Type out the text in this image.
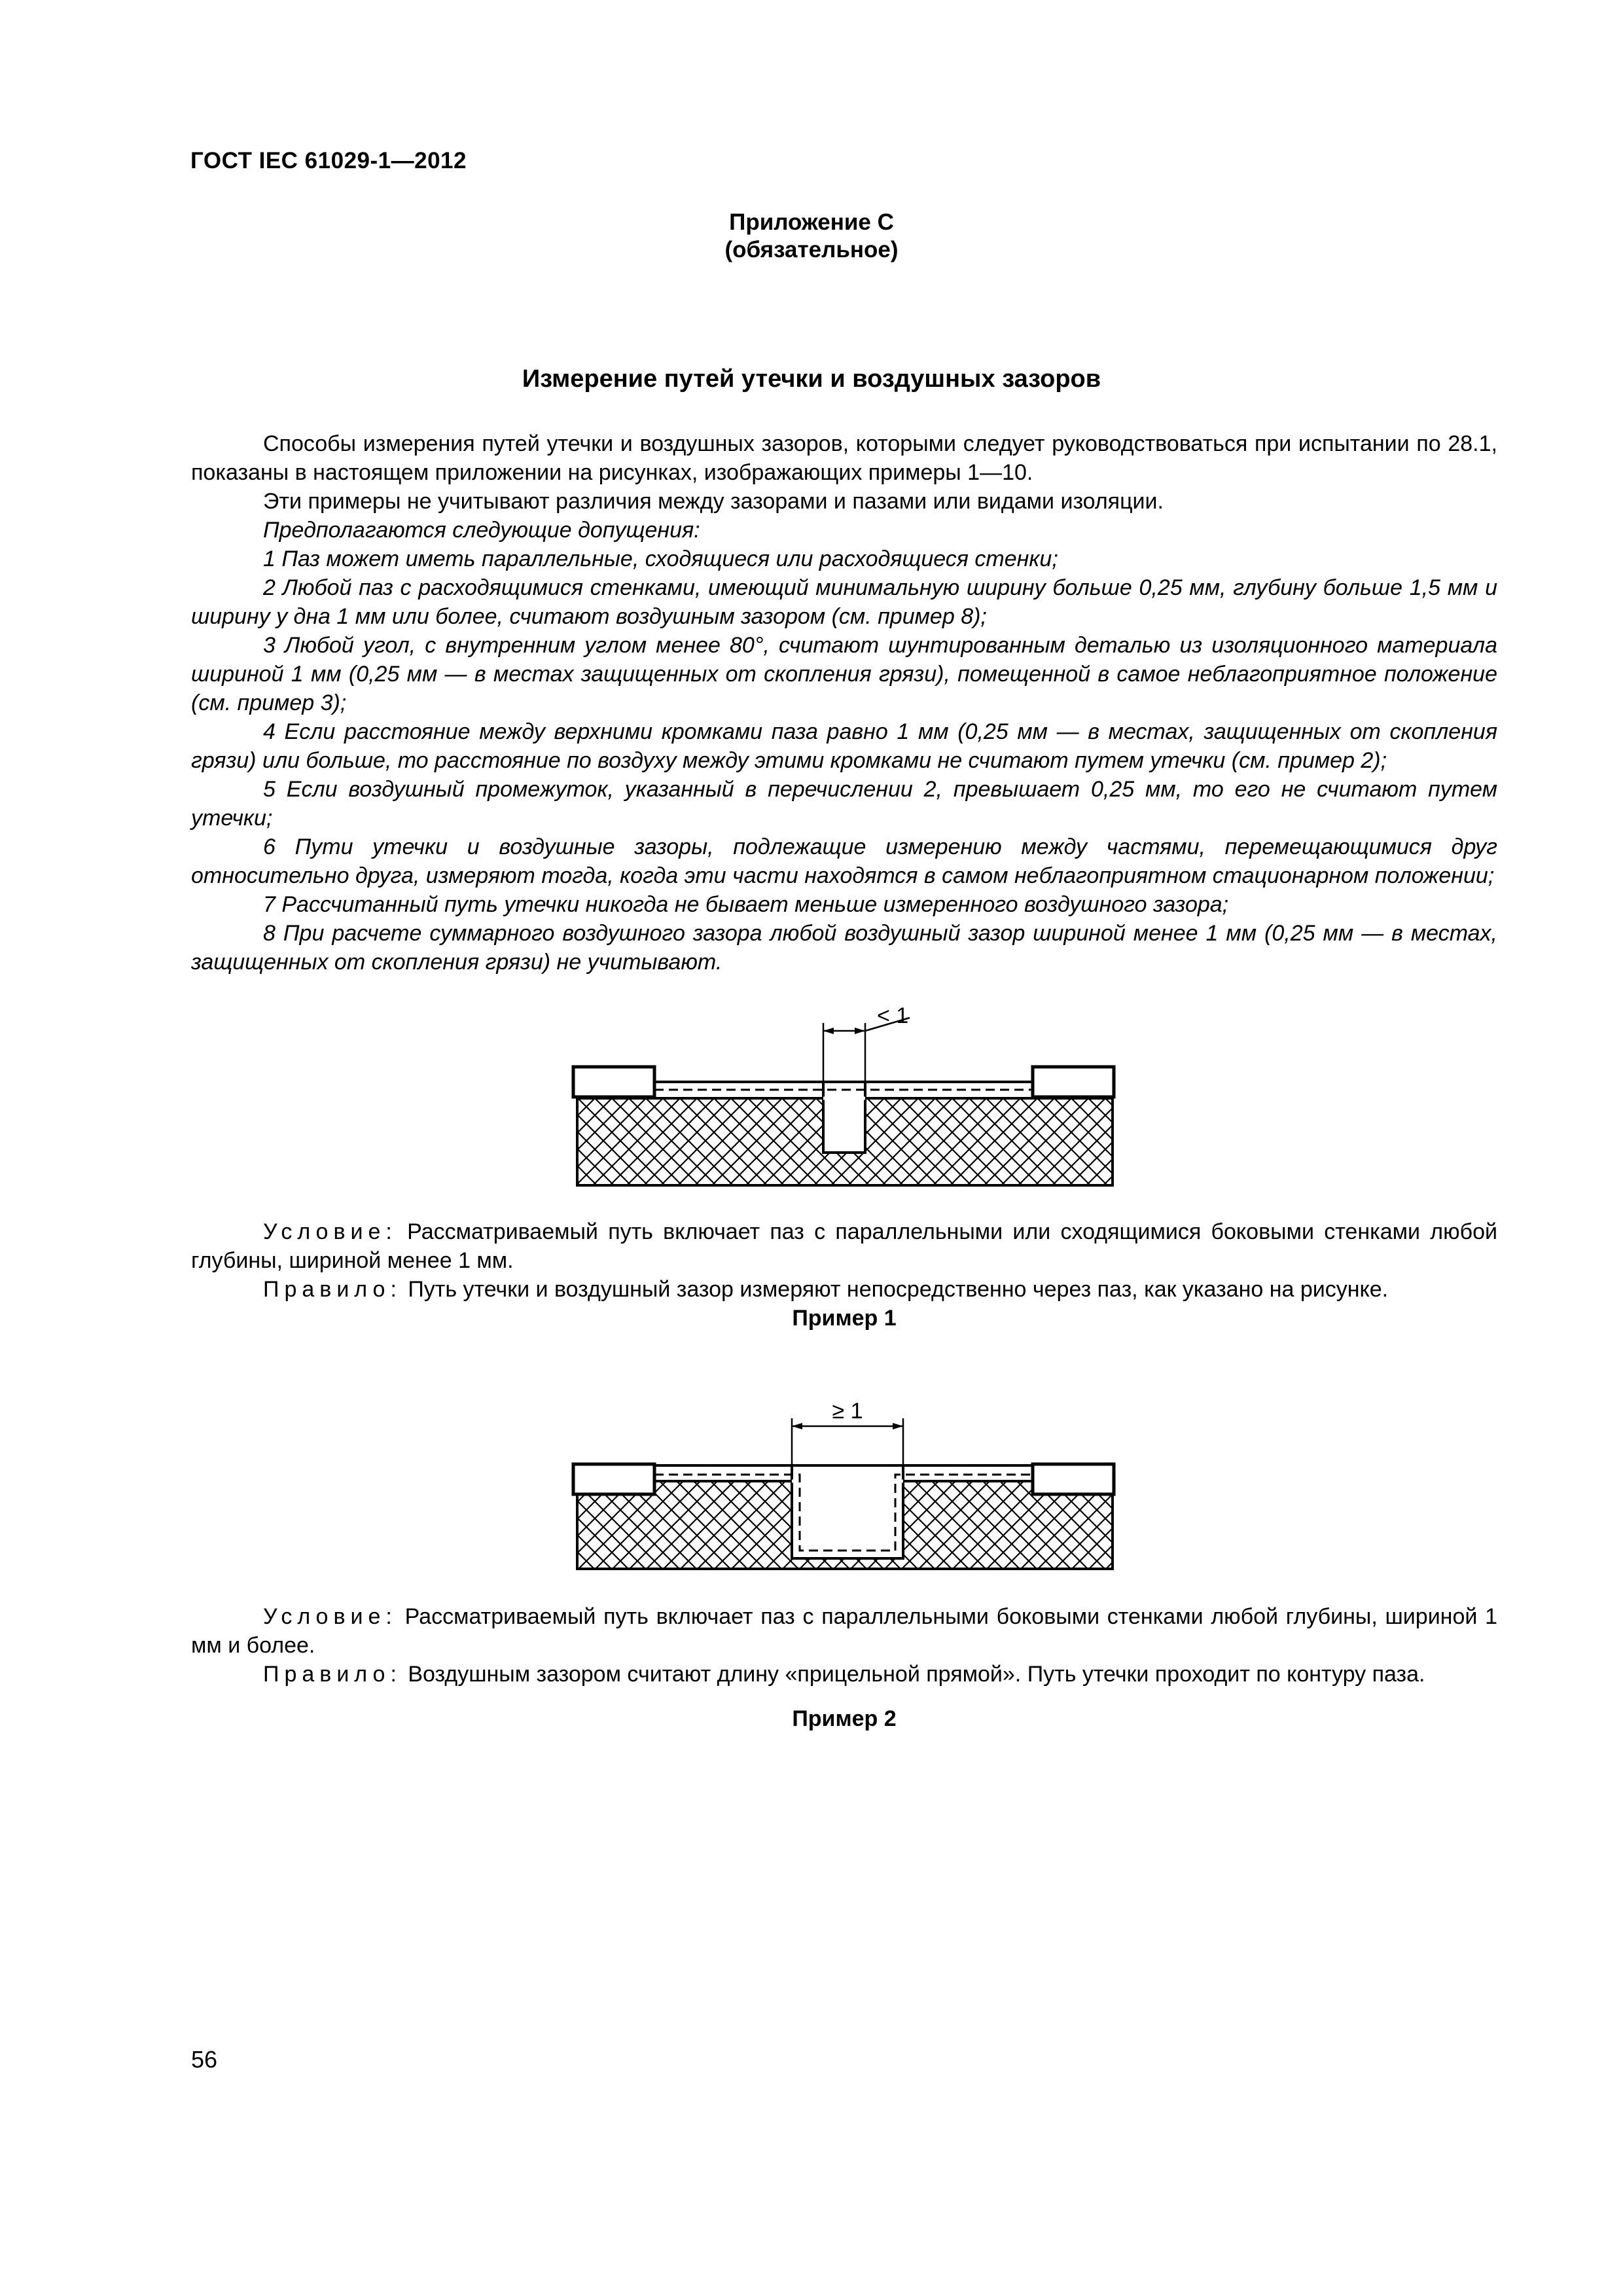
ГОСТ IEC 61029-1—2012
Приложение С
(обязательное)
Измерение путей утечки и воздушных зазоров

Способы измерения путей утечки и воздушных зазоров, которыми следует руководствоваться при испытании по 28.1, показаны в настоящем приложении на рисунках, изображающих примеры 1—10.

Эти примеры не учитывают различия между зазорами и пазами или видами изоляции.

Предполагаются следующие допущения:

1 Паз может иметь параллельные, сходящиеся или расходящиеся стенки;

2 Любой паз с расходящимися стенками, имеющий минимальную ширину больше 0,25 мм, глубину больше 1,5 мм и ширину у дна 1 мм или более, считают воздушным зазором (см. пример 8);

3 Любой угол, с внутренним углом менее 80°, считают шунтированным деталью из изоляционного материала шириной 1 мм (0,25 мм — в местах защищенных от скопления грязи), помещенной в самое неблагоприятное положение (см. пример 3);

4 Если расстояние между верхними кромками паза равно 1 мм (0,25 мм — в местах, защищенных от скопления грязи) или больше, то расстояние по воздуху между этими кромками не считают путем утечки (см. пример 2);

5 Если воздушный промежуток, указанный в перечислении 2, превышает 0,25 мм, то его не считают путем утечки;

6 Пути утечки и воздушные зазоры, подлежащие измерению между частями, перемещающимися друг относительно друга, измеряют тогда, когда эти части находятся в самом неблагоприятном стационарном положении;

7 Рассчитанный путь утечки никогда не бывает меньше измеренного воздушного зазора;

8 При расчете суммарного воздушного зазора любой воздушный зазор шириной менее 1 мм (0,25 мм — в местах, защищенных от скопления грязи) не учитывают.

< 1

Условие: Рассматриваемый путь включает паз с параллельными или сходящимися боковыми стенками любой глубины, шириной менее 1 мм.

Правило: Путь утечки и воздушный зазор измеряют непосредственно через паз, как указано на рисунке.

Пример 1

≥ 1

Условие: Рассматриваемый путь включает паз с параллельными боковыми стенками любой глубины, шириной 1 мм и более.

Правило: Воздушным зазором считают длину «прицельной прямой». Путь утечки проходит по контуру паза.

Пример 2

56
